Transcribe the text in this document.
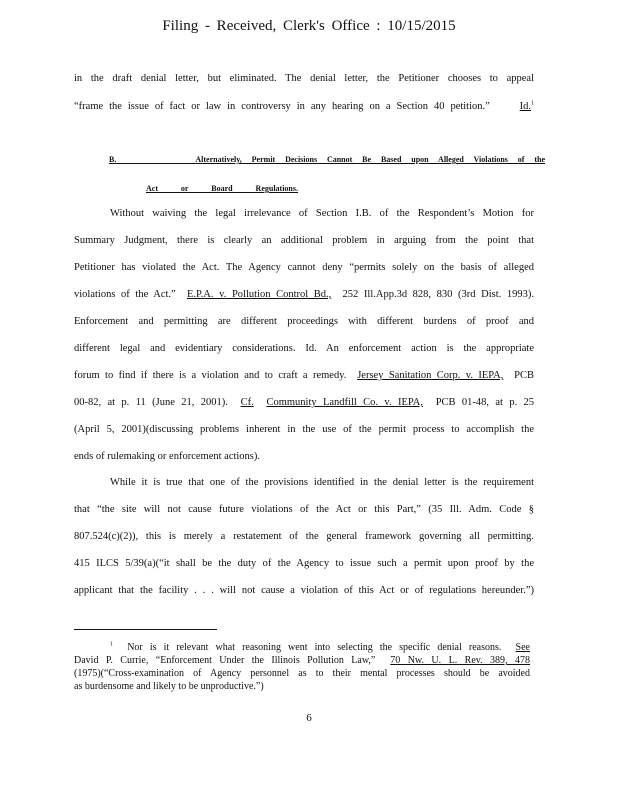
Filing - Received, Clerk's Office : 10/15/2015
in the draft denial letter, but eliminated. The denial letter, the Petitioner chooses to appeal
“frame the issue of fact or law in controversy in any hearing on a Section 40 petition.”	Id.$^1$
B.	Alternatively, Permit Decisions Cannot Be Based upon Alleged Violations of the
Act or Board Regulations.
Without waiving the legal irrelevance of Section I.B. of the Respondent’s Motion for
Summary Judgment, there is clearly an additional problem in arguing from the point that
Petitioner has violated the Act. The Agency cannot deny “permits solely on the basis of alleged
violations of the Act.” E.P.A. v. Pollution Control Bd., 252 Ill.App.3d 828, 830 (3rd Dist. 1993).
Enforcement and permitting are different proceedings with different burdens of proof and
different legal and evidentiary considerations. Id. An enforcement action is the appropriate
forum to find if there is a violation and to craft a remedy. Jersey Sanitation Corp. v. IEPA, PCB
00-82, at p. 11 (June 21, 2001). Cf. Community Landfill Co. v. IEPA, PCB 01-48, at p. 25
(April 5, 2001)(discussing problems inherent in the use of the permit process to accomplish the
ends of rulemaking or enforcement actions).
While it is true that one of the provisions identified in the denial letter is the requirement
that “the site will not cause future violations of the Act or this Part,” (35 Ill. Adm. Code §
807.524(c)(2)), this is merely a restatement of the general framework governing all permitting.
415 ILCS 5/39(a)(“it shall be the duty of the Agency to issue such a permit upon proof by the
applicant that the facility . . . will not cause a violation of this Act or of regulations hereunder.”)
$^1$ Nor is it relevant what reasoning went into selecting the specific denial reasons. See
David P. Currie, “Enforcement Under the Illinois Pollution Law,” 70 Nw. U. L. Rev. 389, 478
(1975)(“Cross-examination of Agency personnel as to their mental processes should be avoided
as burdensome and likely to be unproductive.”)
6
